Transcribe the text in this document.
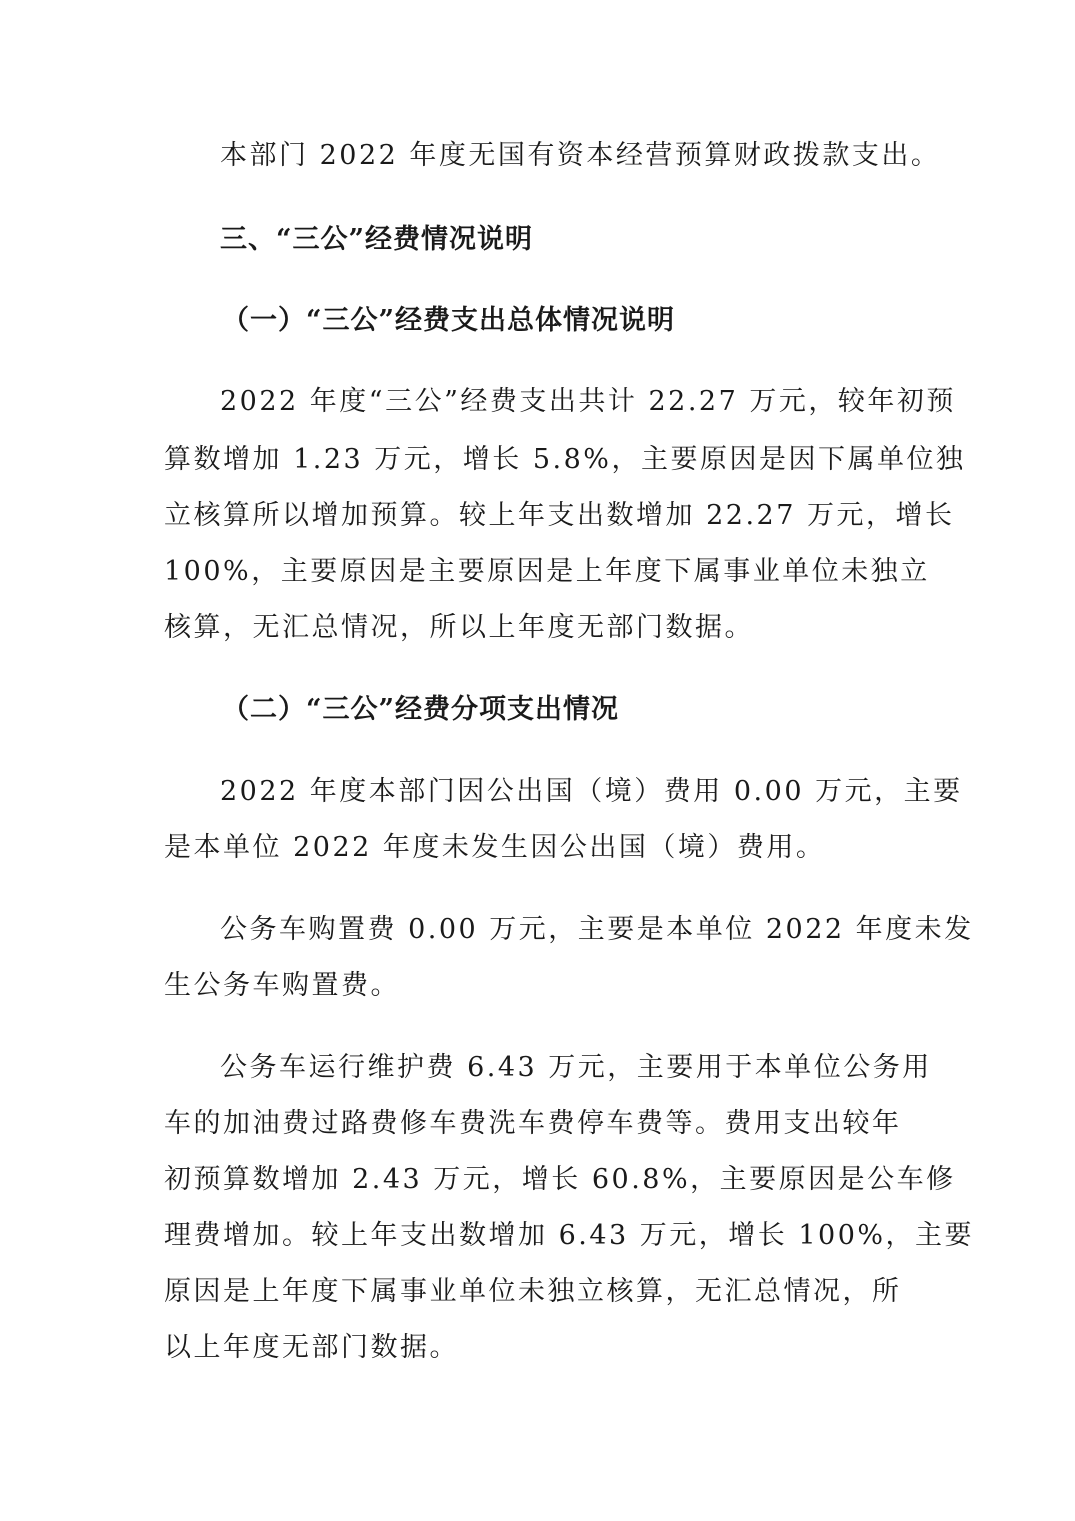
本部门 2022 年度无国有资本经营预算财政拨款支出。
三、“三公”经费情况说明
（一）“三公”经费支出总体情况说明
2022 年度“三公”经费支出共计 22.27 万元，较年初预
算数增加 1.23 万元，增长 5.8%，主要原因是因下属单位独
立核算所以增加预算。较上年支出数增加 22.27 万元，增长
100%，主要原因是主要原因是上年度下属事业单位未独立
核算，无汇总情况，所以上年度无部门数据。
（二）“三公”经费分项支出情况
2022 年度本部门因公出国（境）费用 0.00 万元，主要
是本单位 2022 年度未发生因公出国（境）费用。
公务车购置费 0.00 万元，主要是本单位 2022 年度未发
生公务车购置费。
公务车运行维护费 6.43 万元，主要用于本单位公务用
车的加油费过路费修车费洗车费停车费等。费用支出较年
初预算数增加 2.43 万元，增长 60.8%，主要原因是公车修
理费增加。较上年支出数增加 6.43 万元，增长 100%，主要
原因是上年度下属事业单位未独立核算，无汇总情况，所
以上年度无部门数据。
